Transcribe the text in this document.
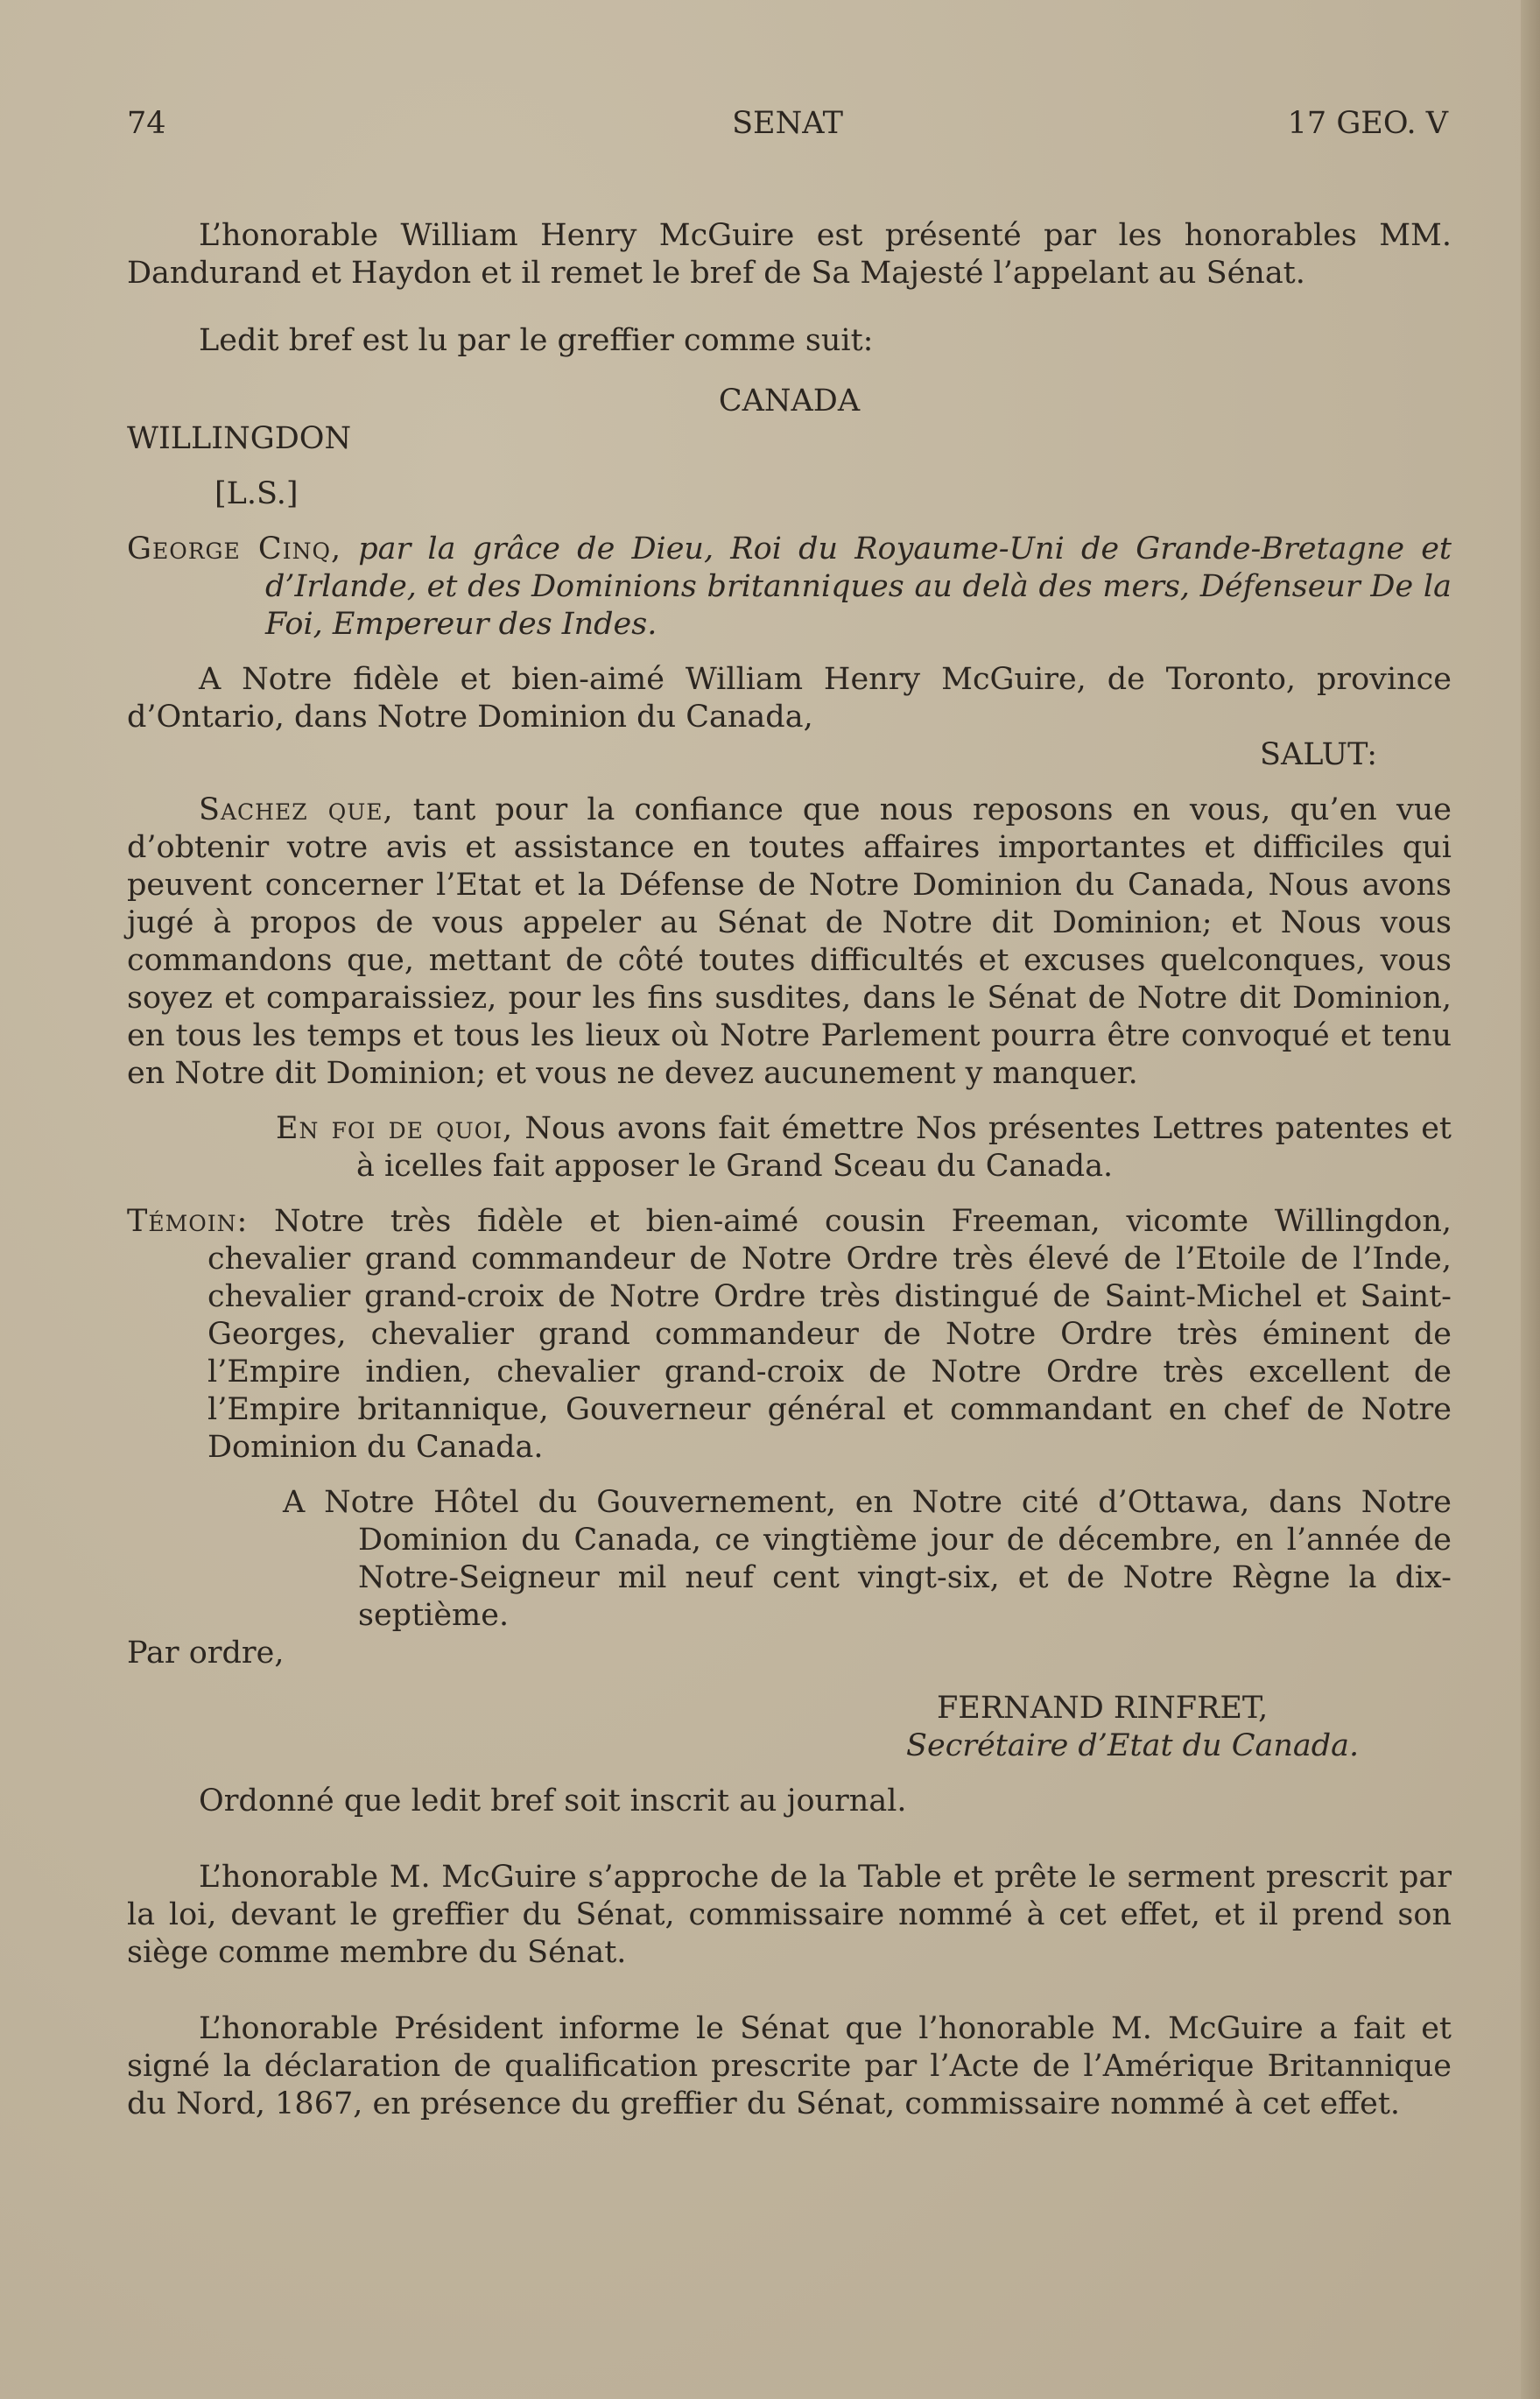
74	SENAT	17 GEO. V

L’honorable William Henry McGuire est présenté par les honorables MM. Dandurand et Haydon et il remet le bref de Sa Majesté l’appelant au Sénat.

Ledit bref est lu par le greffier comme suit:

CANADA

WILLINGDON

[L.S.]

George Cinq, par la grâce de Dieu, Roi du Royaume-Uni de Grande-Bretagne et d’Irlande, et des Dominions britanniques au delà des mers, Défenseur De la Foi, Empereur des Indes.

A Notre fidèle et bien-aimé William Henry McGuire, de Toronto, province d’Ontario, dans Notre Dominion du Canada,

SALUT:

Sachez que, tant pour la confiance que nous reposons en vous, qu’en vue d’obtenir votre avis et assistance en toutes affaires importantes et difficiles qui peuvent concerner l’Etat et la Défense de Notre Dominion du Canada, Nous avons jugé à propos de vous appeler au Sénat de Notre dit Dominion; et Nous vous commandons que, mettant de côté toutes difficultés et excuses quelconques, vous soyez et comparaissiez, pour les fins susdites, dans le Sénat de Notre dit Dominion, en tous les temps et tous les lieux où Notre Parlement pourra être convoqué et tenu en Notre dit Dominion; et vous ne devez aucunement y manquer.

En foi de quoi, Nous avons fait émettre Nos présentes Lettres patentes et à icelles fait apposer le Grand Sceau du Canada.

Témoin: Notre très fidèle et bien-aimé cousin Freeman, vicomte Willingdon, chevalier grand commandeur de Notre Ordre très élevé de l’Etoile de l’Inde, chevalier grand-croix de Notre Ordre très distingué de Saint-Michel et Saint-Georges, chevalier grand commandeur de Notre Ordre très éminent de l’Empire indien, chevalier grand-croix de Notre Ordre très excellent de l’Empire britannique, Gouverneur général et commandant en chef de Notre Dominion du Canada.

A Notre Hôtel du Gouvernement, en Notre cité d’Ottawa, dans Notre Dominion du Canada, ce vingtième jour de décembre, en l’année de Notre-Seigneur mil neuf cent vingt-six, et de Notre Règne la dix-septième.

Par ordre,

FERNAND RINFRET,

Secrétaire d’Etat du Canada.

Ordonné que ledit bref soit inscrit au journal.

L’honorable M. McGuire s’approche de la Table et prête le serment prescrit par la loi, devant le greffier du Sénat, commissaire nommé à cet effet, et il prend son siège comme membre du Sénat.

L’honorable Président informe le Sénat que l’honorable M. McGuire a fait et signé la déclaration de qualification prescrite par l’Acte de l’Amérique Britannique du Nord, 1867, en présence du greffier du Sénat, commissaire nommé à cet effet.
